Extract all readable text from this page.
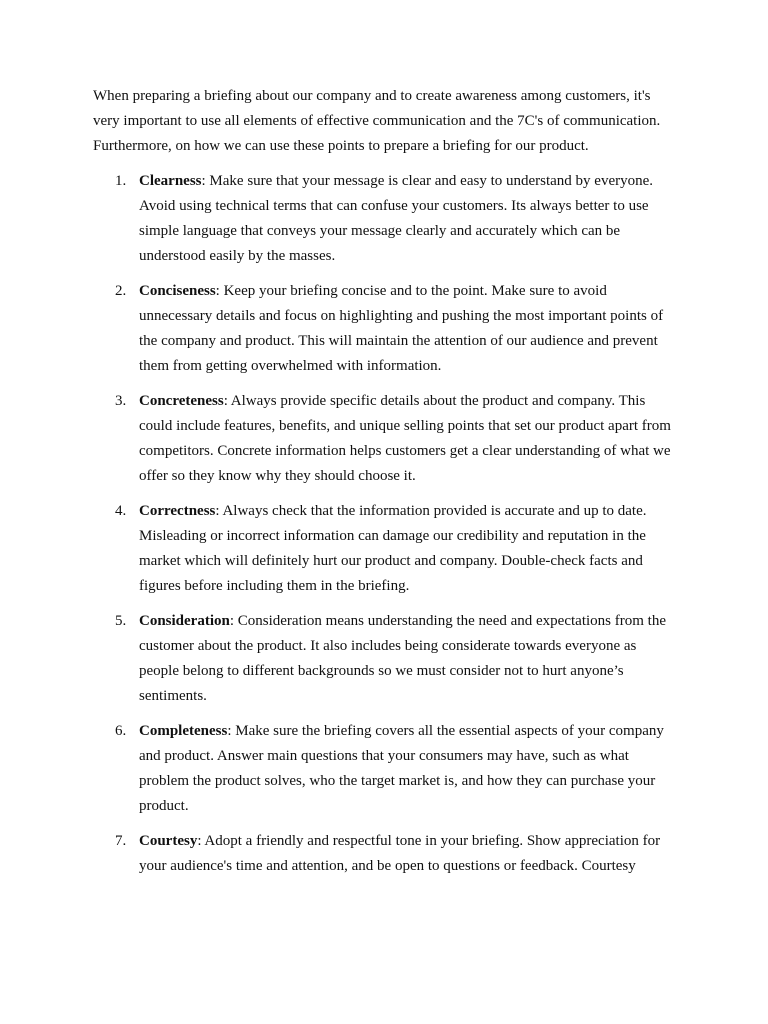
When preparing a briefing about our company and to create awareness among customers, it's very important to use all elements of effective communication and the 7C's of communication. Furthermore, on how we can use these points to prepare a briefing for our product.

1. Clearness: Make sure that your message is clear and easy to understand by everyone. Avoid using technical terms that can confuse your customers. Its always better to use simple language that conveys your message clearly and accurately which can be understood easily by the masses.
2. Conciseness: Keep your briefing concise and to the point. Make sure to avoid unnecessary details and focus on highlighting and pushing the most important points of the company and product. This will maintain the attention of our audience and prevent them from getting overwhelmed with information.
3. Concreteness: Always provide specific details about the product and company. This could include features, benefits, and unique selling points that set our product apart from competitors. Concrete information helps customers get a clear understanding of what we offer so they know why they should choose it.
4. Correctness: Always check that the information provided is accurate and up to date. Misleading or incorrect information can damage our credibility and reputation in the market which will definitely hurt our product and company. Double-check facts and figures before including them in the briefing.
5. Consideration: Consideration means understanding the need and expectations from the customer about the product. It also includes being considerate towards everyone as people belong to different backgrounds so we must consider not to hurt anyone’s sentiments.
6. Completeness: Make sure the briefing covers all the essential aspects of your company and product. Answer main questions that your consumers may have, such as what problem the product solves, who the target market is, and how they can purchase your product.
7. Courtesy: Adopt a friendly and respectful tone in your briefing. Show appreciation for your audience's time and attention, and be open to questions or feedback. Courtesy
